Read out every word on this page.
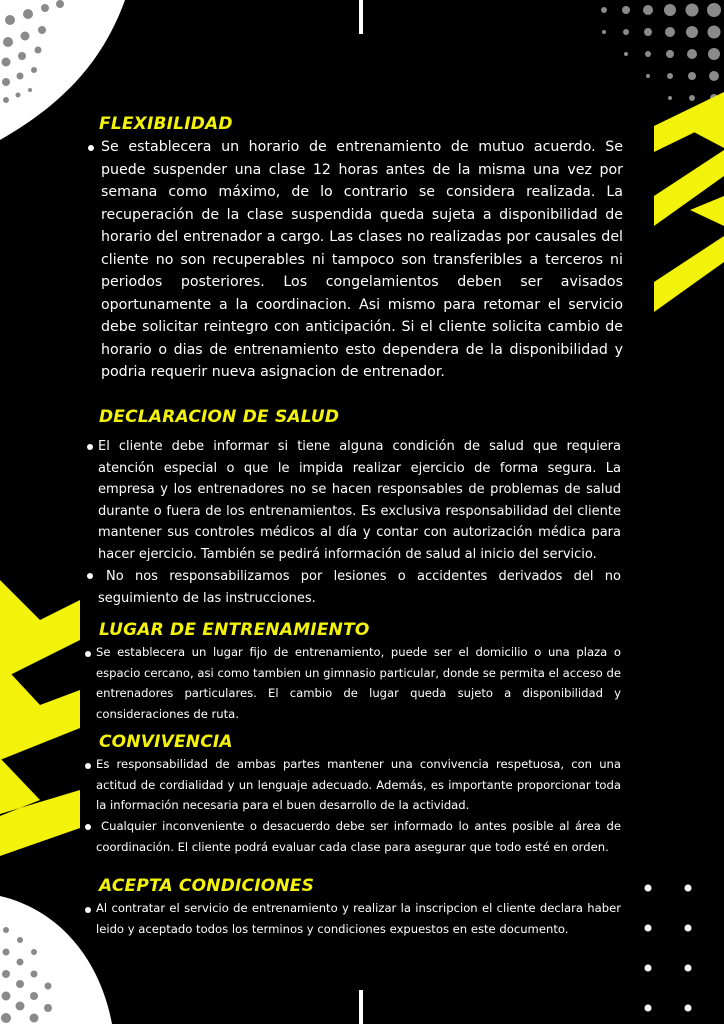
FLEXIBILIDAD

Se establecera un horario de entrenamiento de mutuo acuerdo. Se puede suspender una clase 12 horas antes de la misma una vez por semana como máximo, de lo contrario se considera realizada. La recuperación de la clase suspendida queda sujeta a disponibilidad de horario del entrenador a cargo. Las clases no realizadas por causales del cliente no son recuperables ni tampoco son transferibles a terceros ni periodos posteriores. Los congelamientos deben ser avisados oportunamente a la coordinacion. Asi mismo para retomar el servicio debe solicitar reintegro con anticipación. Si el cliente solicita cambio de horario o dias de entrenamiento esto dependera de la disponibilidad y podria requerir nueva asignacion de entrenador.

DECLARACION DE SALUD

El cliente debe informar si tiene alguna condición de salud que requiera atención especial o que le impida realizar ejercicio de forma segura. La empresa y los entrenadores no se hacen responsables de problemas de salud durante o fuera de los entrenamientos. Es exclusiva responsabilidad del cliente mantener sus controles médicos al día y contar con autorización médica para hacer ejercicio. También se pedirá información de salud al inicio del servicio.

No nos responsabilizamos por lesiones o accidentes derivados del no seguimiento de las instrucciones.

LUGAR DE ENTRENAMIENTO

Se establecera un lugar fijo de entrenamiento, puede ser el domicilio o una plaza o espacio cercano, asi como tambien un gimnasio particular, donde se permita el acceso de entrenadores particulares. El cambio de lugar queda sujeto a disponibilidad y consideraciones de ruta.

CONVIVENCIA

Es responsabilidad de ambas partes mantener una convivencia respetuosa, con una actitud de cordialidad y un lenguaje adecuado. Además, es importante proporcionar toda la información necesaria para el buen desarrollo de la actividad.

Cualquier inconveniente o desacuerdo debe ser informado lo antes posible al área de coordinación. El cliente podrá evaluar cada clase para asegurar que todo esté en orden.

ACEPTA CONDICIONES

Al contratar el servicio de entrenamiento y realizar la inscripcion el cliente declara haber leido y aceptado todos los terminos y condiciones expuestos en este documento.
